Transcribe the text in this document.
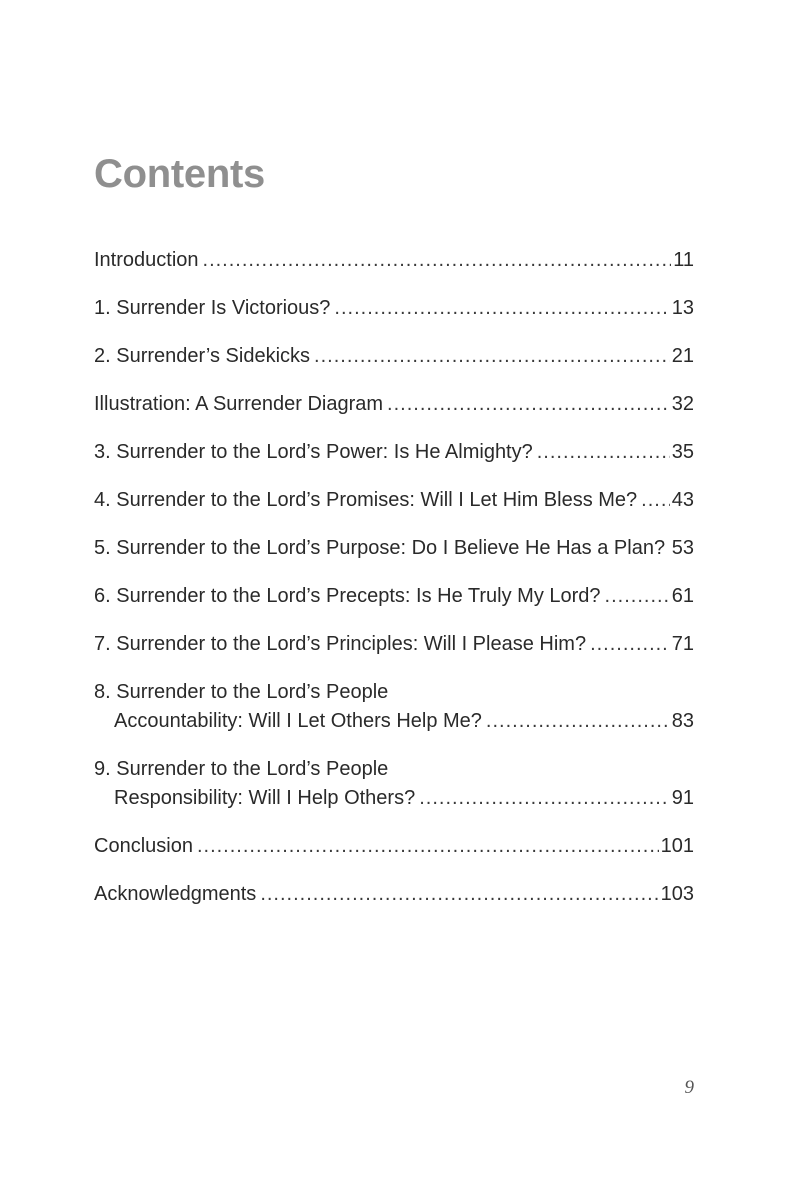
Contents
Introduction .....	11
1. Surrender Is Victorious? .....	13
2. Surrender’s Sidekicks .....	21
Illustration: A Surrender Diagram .....	32
3. Surrender to the Lord’s Power: Is He Almighty? .....	35
4. Surrender to the Lord’s Promises: Will I Let Him Bless Me? ..... 43
5. Surrender to the Lord’s Purpose: Do I Believe He Has a Plan? ..... 53
6. Surrender to the Lord’s Precepts: Is He Truly My Lord? .....	61
7. Surrender to the Lord’s Principles: Will I Please Him? .....	71
8. Surrender to the Lord’s People
Accountability: Will I Let Others Help Me? .....	83
9. Surrender to the Lord’s People
Responsibility: Will I Help Others? .....	91
Conclusion .....	101
Acknowledgments .....	103
9
